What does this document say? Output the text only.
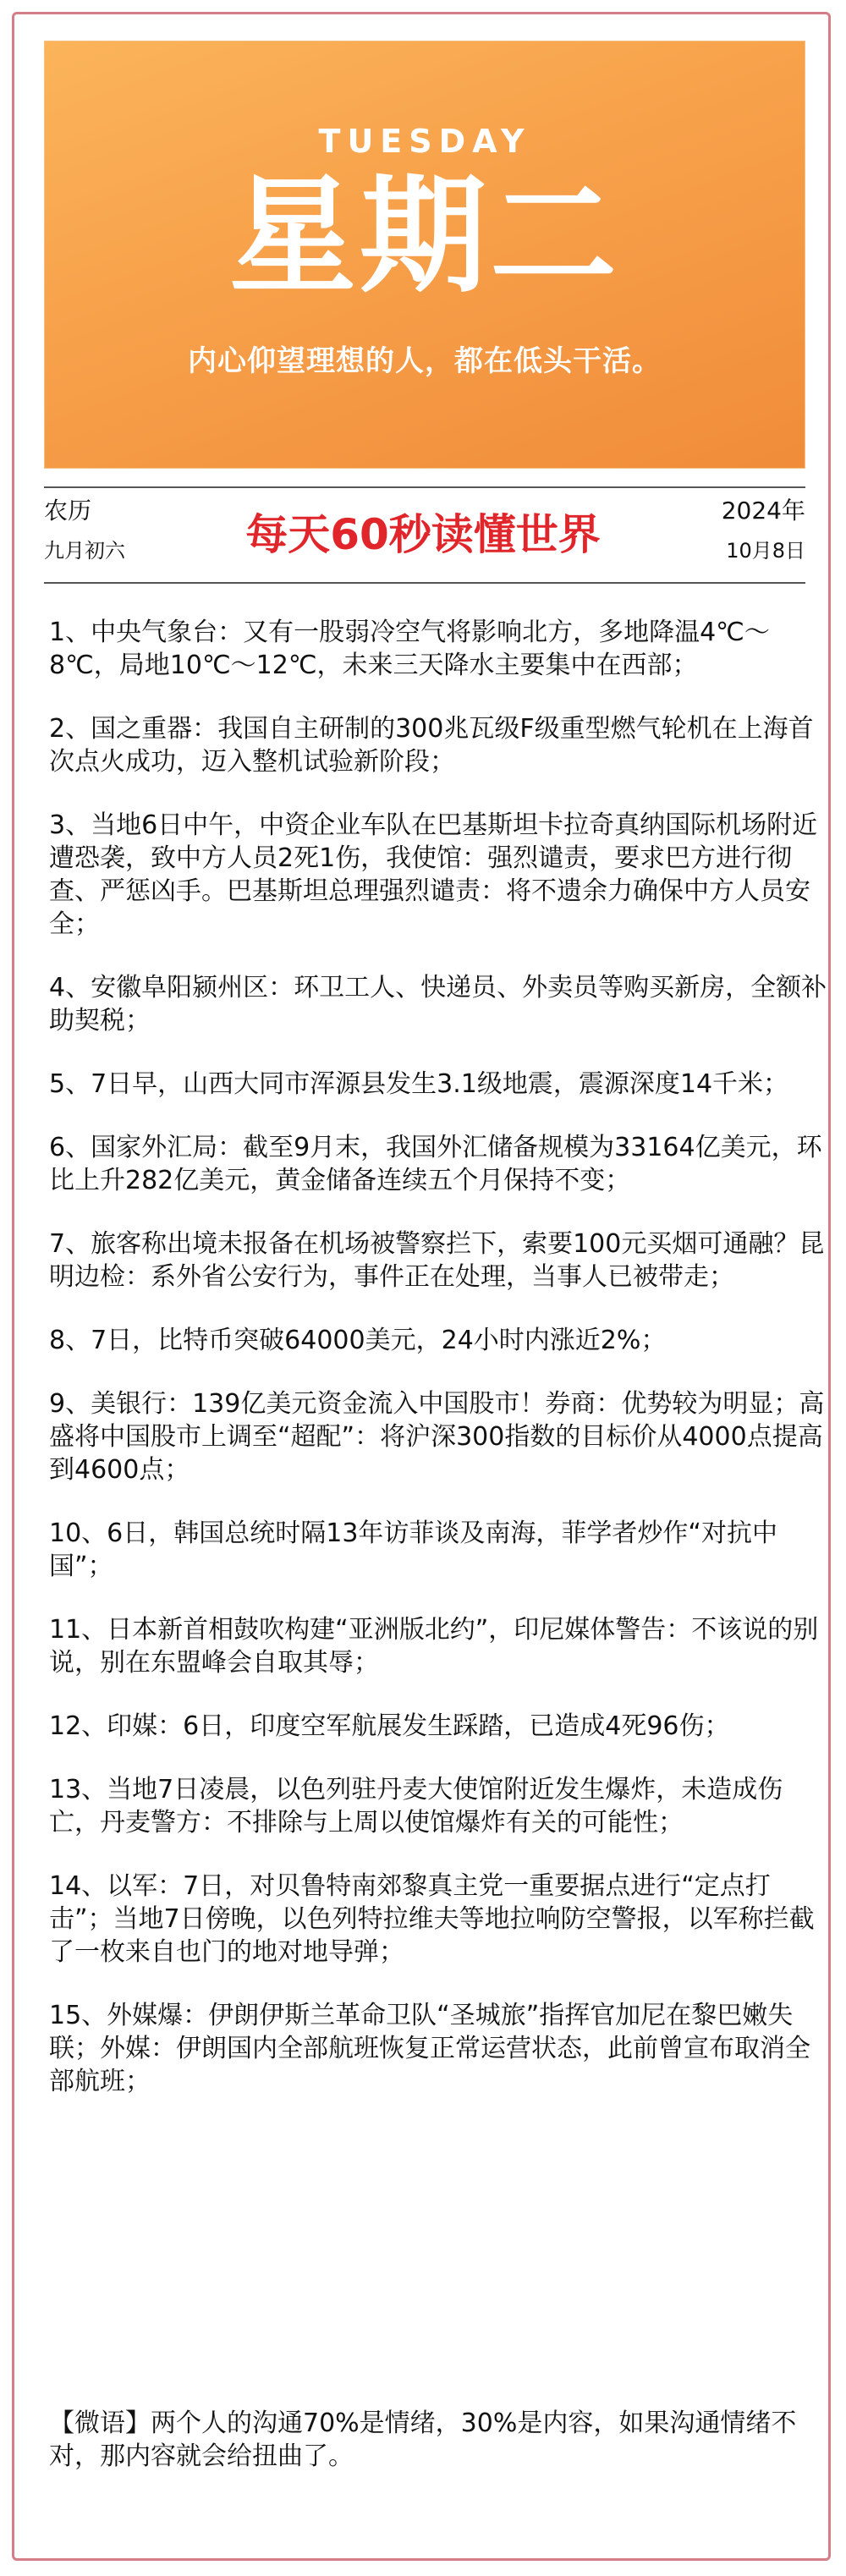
TUESDAY
星期二
内心仰望理想的人，都在低头干活。
农历
九月初六	每天60秒读懂世界	2024年
10月8日
1、中央气象台：又有一股弱冷空气将影响北方，多地降温4℃～8℃，局地10℃～12℃，未来三天降水主要集中在西部；
2、国之重器：我国自主研制的300兆瓦级F级重型燃气轮机在上海首次点火成功，迈入整机试验新阶段；
3、当地6日中午，中资企业车队在巴基斯坦卡拉奇真纳国际机场附近遭恐袭，致中方人员2死1伤，我使馆：强烈谴责，要求巴方进行彻查、严惩凶手。巴基斯坦总理强烈谴责：将不遗余力确保中方人员安全；
4、安徽阜阳颍州区：环卫工人、快递员、外卖员等购买新房，全额补助契税；
5、7日早，山西大同市浑源县发生3.1级地震，震源深度14千米；
6、国家外汇局：截至9月末，我国外汇储备规模为33164亿美元，环比上升282亿美元，黄金储备连续五个月保持不变；
7、旅客称出境未报备在机场被警察拦下，索要100元买烟可通融？昆明边检：系外省公安行为，事件正在处理，当事人已被带走；
8、7日，比特币突破64000美元，24小时内涨近2%；
9、美银行：139亿美元资金流入中国股市！券商：优势较为明显；高盛将中国股市上调至“超配”：将沪深300指数的目标价从4000点提高到4600点；
10、6日，韩国总统时隔13年访菲谈及南海，菲学者炒作“对抗中国”；
11、日本新首相鼓吹构建“亚洲版北约”，印尼媒体警告：不该说的别说，别在东盟峰会自取其辱；
12、印媒：6日，印度空军航展发生踩踏，已造成4死96伤；
13、当地7日凌晨，以色列驻丹麦大使馆附近发生爆炸，未造成伤亡，丹麦警方：不排除与上周以使馆爆炸有关的可能性；
14、以军：7日，对贝鲁特南郊黎真主党一重要据点进行“定点打击”；当地7日傍晚，以色列特拉维夫等地拉响防空警报，以军称拦截了一枚来自也门的地对地导弹；
15、外媒爆：伊朗伊斯兰革命卫队“圣城旅”指挥官加尼在黎巴嫩失联；外媒：伊朗国内全部航班恢复正常运营状态，此前曾宣布取消全部航班；
【微语】两个人的沟通70%是情绪，30%是内容，如果沟通情绪不对，那内容就会给扭曲了。
